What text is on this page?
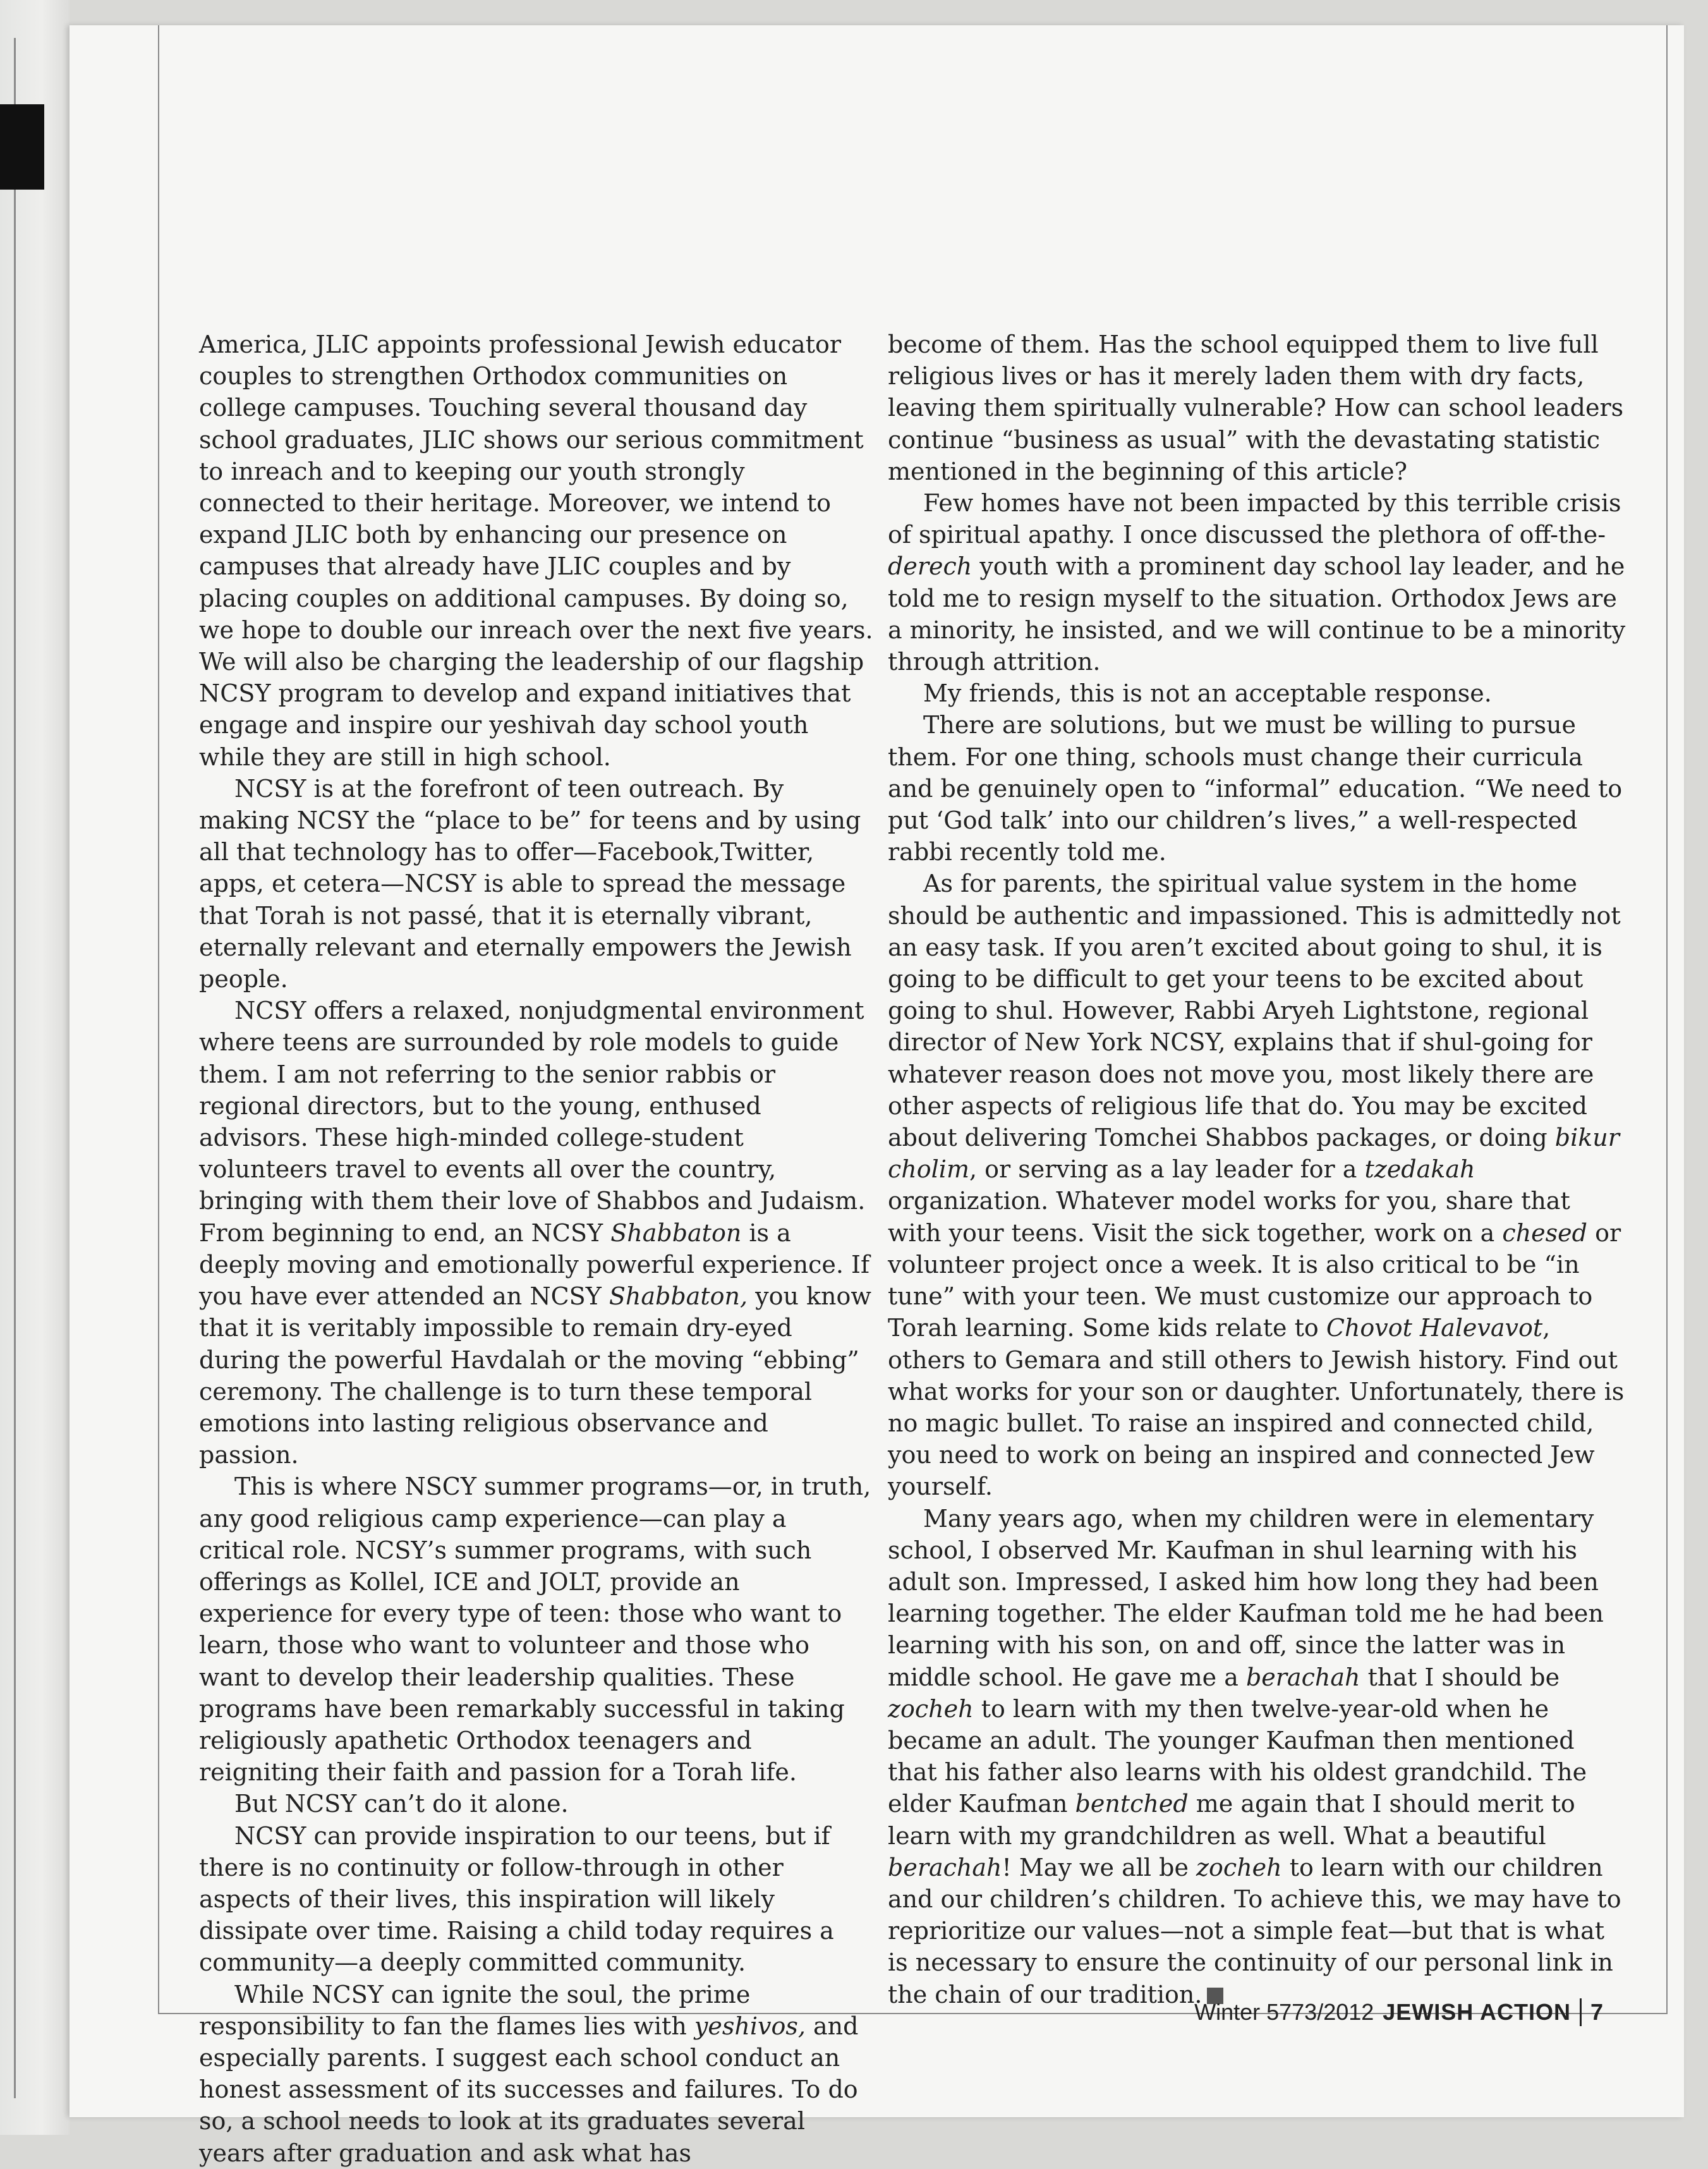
America, JLIC appoints professional Jewish educator couples to strengthen Orthodox communities on college campuses. Touching several thousand day school graduates, JLIC shows our serious commitment to inreach and to keeping our youth strongly connected to their heritage. Moreover, we intend to expand JLIC both by enhancing our presence on campuses that already have JLIC couples and by placing couples on additional campuses. By doing so, we hope to double our inreach over the next five years. We will also be charging the leadership of our flagship NCSY program to develop and expand initiatives that engage and inspire our yeshivah day school youth while they are still in high school.

NCSY is at the forefront of teen outreach. By making NCSY the “place to be” for teens and by using all that technology has to offer—Facebook,Twitter, apps, et cetera—NCSY is able to spread the message that Torah is not passé, that it is eternally vibrant, eternally relevant and eternally empowers the Jewish people.

NCSY offers a relaxed, nonjudgmental environment where teens are surrounded by role models to guide them. I am not referring to the senior rabbis or regional directors, but to the young, enthused advisors. These high-minded college-student volunteers travel to events all over the country, bringing with them their love of Shabbos and Judaism. From beginning to end, an NCSY Shabbaton is a deeply moving and emotionally powerful experience. If you have ever attended an NCSY Shabbaton, you know that it is veritably impossible to remain dry-eyed during the powerful Havdalah or the moving “ebbing” ceremony. The challenge is to turn these temporal emotions into lasting religious observance and passion.

This is where NSCY summer programs—or, in truth, any good religious camp experience—can play a critical role. NCSY’s summer programs, with such offerings as Kollel, ICE and JOLT, provide an experience for every type of teen: those who want to learn, those who want to volunteer and those who want to develop their leadership qualities. These programs have been remarkably successful in taking religiously apathetic Orthodox teenagers and reigniting their faith and passion for a Torah life.

But NCSY can’t do it alone.

NCSY can provide inspiration to our teens, but if there is no continuity or follow-through in other aspects of their lives, this inspiration will likely dissipate over time. Raising a child today requires a community—a deeply committed community.

While NCSY can ignite the soul, the prime responsibility to fan the flames lies with yeshivos, and especially parents. I suggest each school conduct an honest assessment of its successes and failures. To do so, a school needs to look at its graduates several years after graduation and ask what has

become of them. Has the school equipped them to live full religious lives or has it merely laden them with dry facts, leaving them spiritually vulnerable? How can school leaders continue “business as usual” with the devastating statistic mentioned in the beginning of this article?

Few homes have not been impacted by this terrible crisis of spiritual apathy. I once discussed the plethora of off-the-derech youth with a prominent day school lay leader, and he told me to resign myself to the situation. Orthodox Jews are a minority, he insisted, and we will continue to be a minority through attrition.

My friends, this is not an acceptable response.

There are solutions, but we must be willing to pursue them. For one thing, schools must change their curricula and be genuinely open to “informal” education. “We need to put ‘God talk’ into our children’s lives,” a well-respected rabbi recently told me.

As for parents, the spiritual value system in the home should be authentic and impassioned. This is admittedly not an easy task. If you aren’t excited about going to shul, it is going to be difficult to get your teens to be excited about going to shul. However, Rabbi Aryeh Lightstone, regional director of New York NCSY, explains that if shul-going for whatever reason does not move you, most likely there are other aspects of religious life that do. You may be excited about delivering Tomchei Shabbos packages, or doing bikur cholim, or serving as a lay leader for a tzedakah organization. Whatever model works for you, share that with your teens. Visit the sick together, work on a chesed or volunteer project once a week. It is also critical to be “in tune” with your teen. We must customize our approach to Torah learning. Some kids relate to Chovot Halevavot, others to Gemara and still others to Jewish history. Find out what works for your son or daughter. Unfortunately, there is no magic bullet. To raise an inspired and connected child, you need to work on being an inspired and connected Jew yourself.

Many years ago, when my children were in elementary school, I observed Mr. Kaufman in shul learning with his adult son. Impressed, I asked him how long they had been learning together. The elder Kaufman told me he had been learning with his son, on and off, since the latter was in middle school. He gave me a berachah that I should be zocheh to learn with my then twelve-year-old when he became an adult. The younger Kaufman then mentioned that his father also learns with his oldest grandchild. The elder Kaufman bentched me again that I should merit to learn with my grandchildren as well. What a beautiful berachah! May we all be zocheh to learn with our children and our children’s children. To achieve this, we may have to reprioritize our values—not a simple feat—but that is what is necessary to ensure the continuity of our personal link in the chain of our tradition.

Winter 5773/2012 JEWISH ACTION 7
